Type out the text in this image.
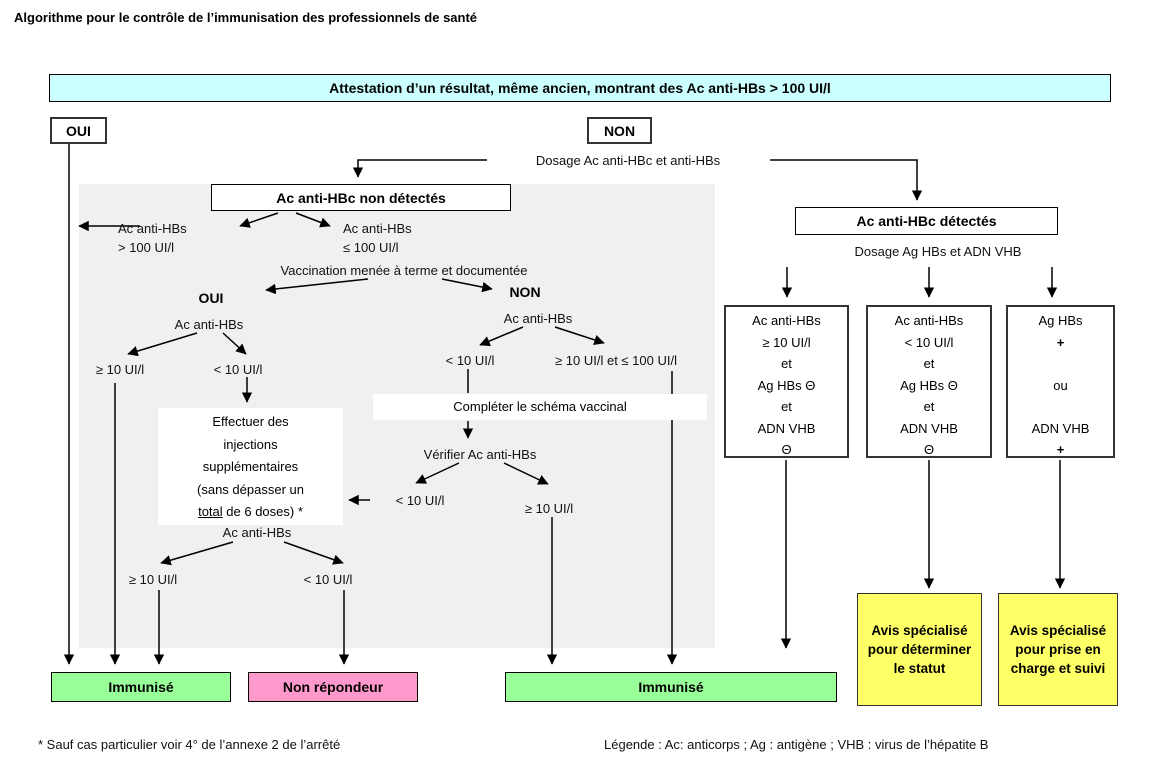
Algorithme pour le contrôle de l’immunisation des professionnels de santé
Attestation d’un résultat, même ancien, montrant des Ac anti-HBs > 100 UI/l
OUI	NON
Dosage Ac anti-HBc et anti-HBs
Ac anti-HBc non détectés
Ac anti-HBs
> 100 UI/l
Ac anti-HBs
≤ 100 UI/l
Vaccination menée à terme et documentée
OUI	NON
Ac anti-HBs
≥ 10 UI/l	< 10 UI/l
Effectuer des
injections
supplémentaires
(sans dépasser un
total de 6 doses) *
Ac anti-HBs
≥ 10 UI/l	< 10 UI/l
Ac anti-HBs
< 10 UI/l	≥ 10 UI/l et ≤ 100 UI/l
Compléter le schéma vaccinal
Vérifier Ac anti-HBs
< 10 UI/l
≥ 10 UI/l
Ac anti-HBc détectés
Dosage Ag HBs et ADN VHB
Ac anti-HBs
≥ 10 UI/l
et
Ag HBs Θ
et
ADN VHB
Θ
Ac anti-HBs
< 10 UI/l
et
Ag HBs Θ
et
ADN VHB
Θ
Ag HBs
+
ou
ADN VHB
+
Immunisé	Non répondeur	Immunisé
Avis spécialisé pour déterminer le statut
Avis spécialisé pour prise en charge et suivi
* Sauf cas particulier voir 4° de l’annexe 2 de l’arrêté	Légende : Ac: anticorps ; Ag : antigène ; VHB : virus de l’hépatite B
